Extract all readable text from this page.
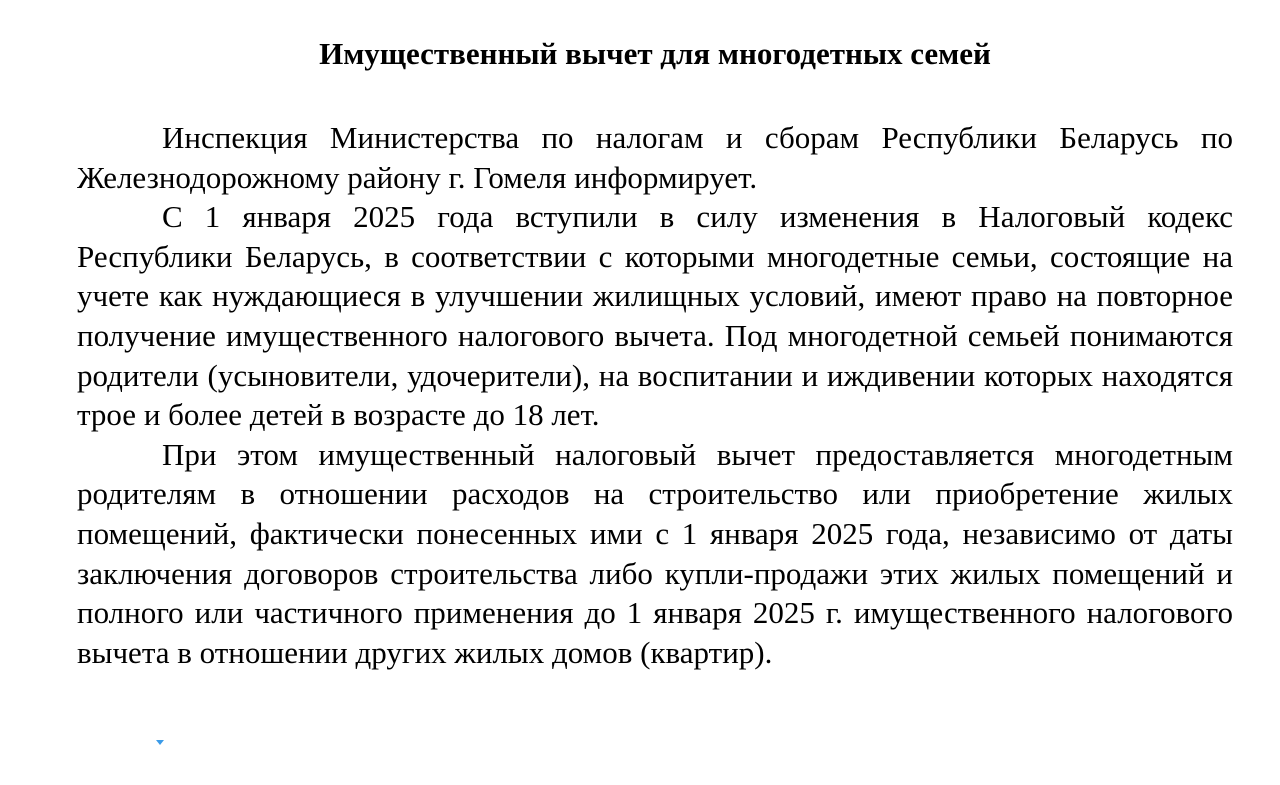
Имущественный вычет для многодетных семей

Инспекция Министерства по налогам и сборам Республики Беларусь по Железнодорожному району г. Гомеля информирует.

С 1 января 2025 года вступили в силу изменения в Налоговый кодекс Республики Беларусь, в соответствии с которыми многодетные семьи, состоящие на учете как нуждающиеся в улучшении жилищных условий, имеют право на повторное получение имущественного налогового вычета. Под многодетной семьей понимаются родители (усыновители, удочерители), на воспитании и иждивении которых находятся трое и более детей в возрасте до 18 лет.

При этом имущественный налоговый вычет предоставляется многодетным родителям в отношении расходов на строительство или приобретение жилых помещений, фактически понесенных ими с 1 января 2025 года, независимо от даты заключения договоров строительства либо купли-продажи этих жилых помещений и полного или частичного применения до 1 января 2025 г. имущественного налогового вычета в отношении других жилых домов (квартир).
